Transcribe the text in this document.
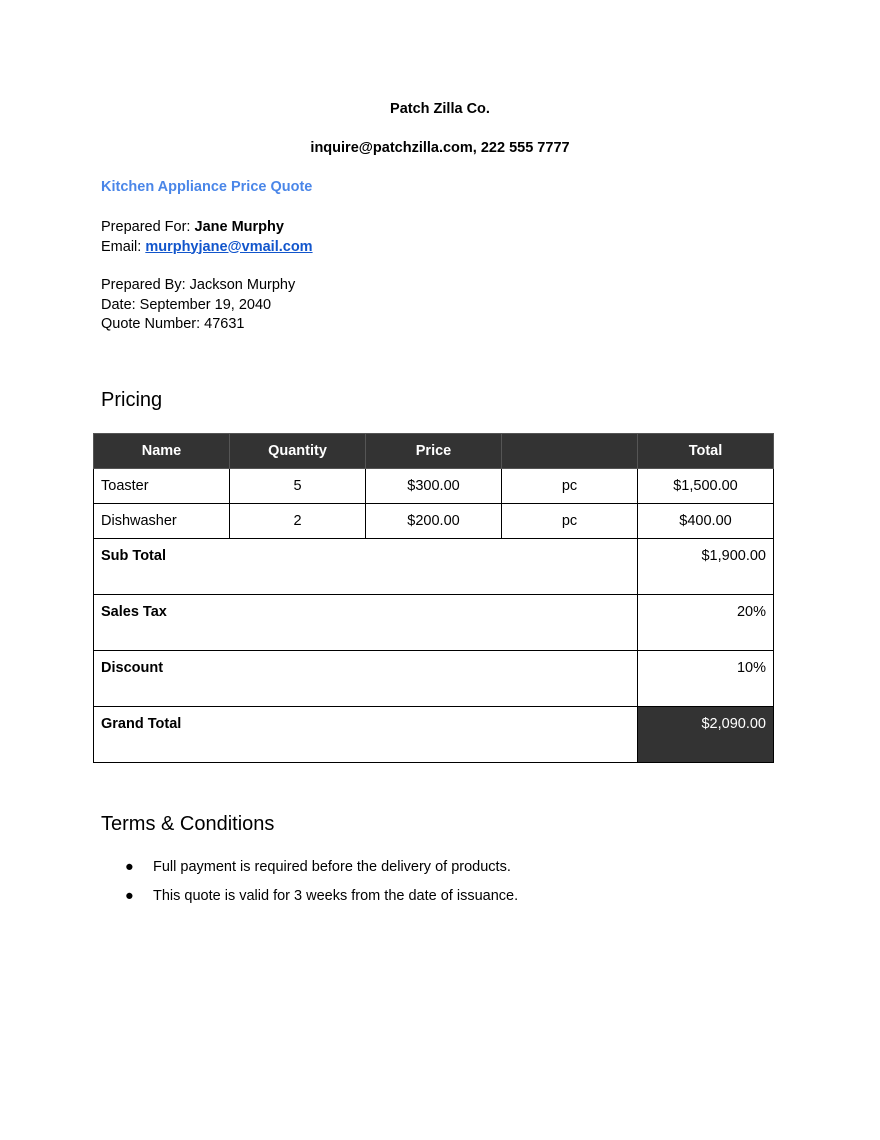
Patch Zilla Co.
inquire@patchzilla.com, 222 555 7777
Kitchen Appliance Price Quote
Prepared For: Jane Murphy
Email: murphyjane@vmail.com
Prepared By: Jackson Murphy
Date: September 19, 2040
Quote Number: 47631
Pricing
Name	Quantity	Price		Total
Toaster	5	$300.00	pc	$1,500.00
Dishwasher	2	$200.00	pc	$400.00
Sub Total				$1,900.00
Sales Tax				20%
Discount				10%
Grand Total				$2,090.00
Terms & Conditions
● Full payment is required before the delivery of products.
● This quote is valid for 3 weeks from the date of issuance.
